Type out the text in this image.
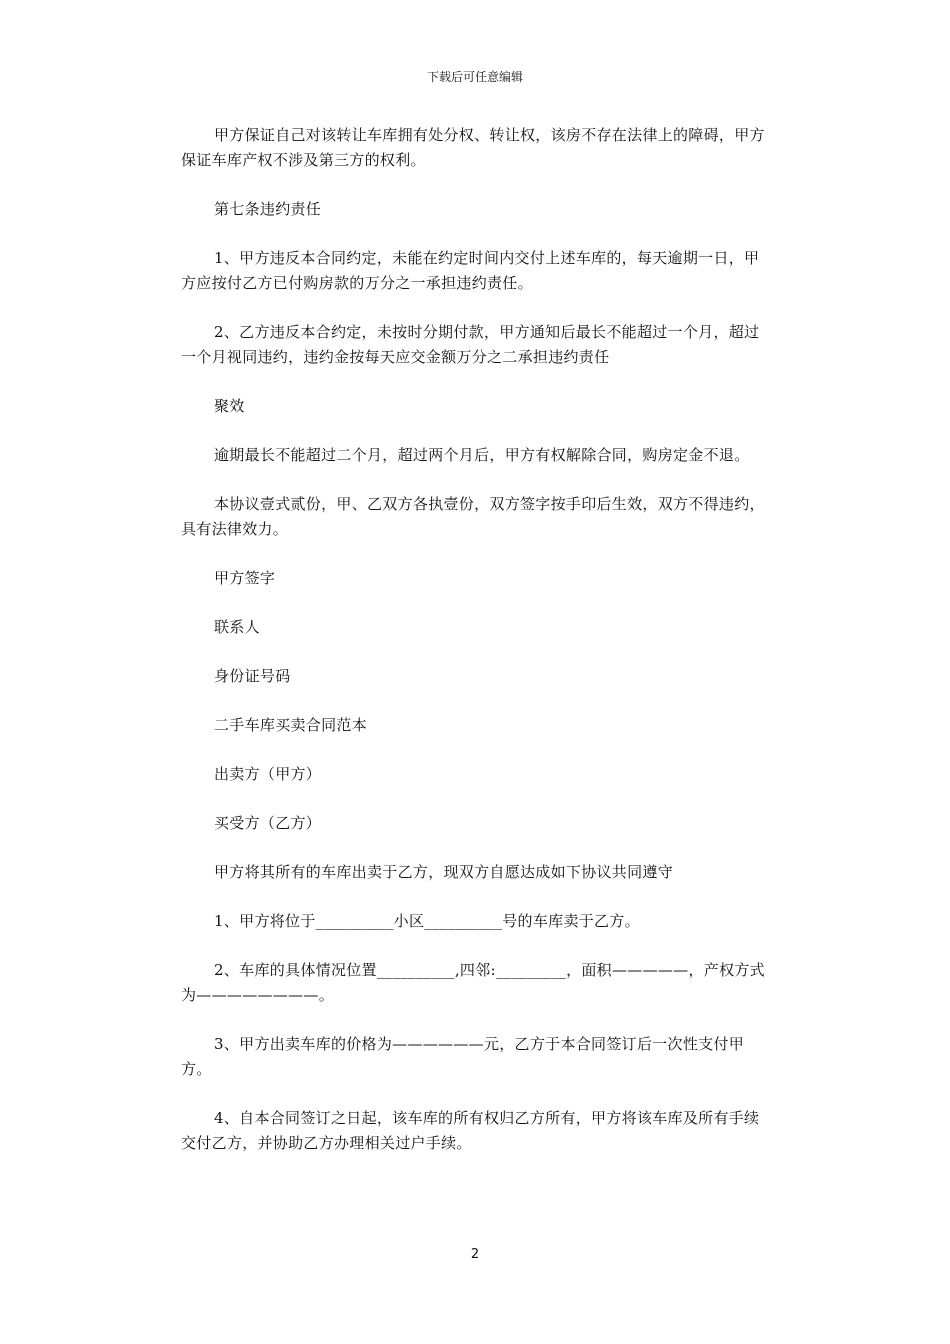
下载后可任意编辑

甲方保证自己对该转让车库拥有处分权、转让权，该房不存在法律上的障碍，甲方保证车库产权不涉及第三方的权利。

第七条违约责任

1、甲方违反本合同约定，未能在约定时间内交付上述车库的，每天逾期一日，甲方应按付乙方已付购房款的万分之一承担违约责任。

2、乙方违反本合约定，未按时分期付款，甲方通知后最长不能超过一个月，超过一个月视同违约，违约金按每天应交金额万分之二承担违约责任

聚效

逾期最长不能超过二个月，超过两个月后，甲方有权解除合同，购房定金不退。

本协议壹式贰份，甲、乙双方各执壹份，双方签字按手印后生效，双方不得违约，具有法律效力。

甲方签字

联系人

身份证号码

二手车库买卖合同范本

出卖方（甲方）

买受方（乙方）

甲方将其所有的车库出卖于乙方，现双方自愿达成如下协议共同遵守

1、甲方将位于__________小区__________号的车库卖于乙方。

2、车库的具体情况位置__________,四邻:_________，面积—————，产权方式为————————。

3、甲方出卖车库的价格为——————元，乙方于本合同签订后一次性支付甲方。

4、自本合同签订之日起，该车库的所有权归乙方所有，甲方将该车库及所有手续交付乙方，并协助乙方办理相关过户手续。

2
